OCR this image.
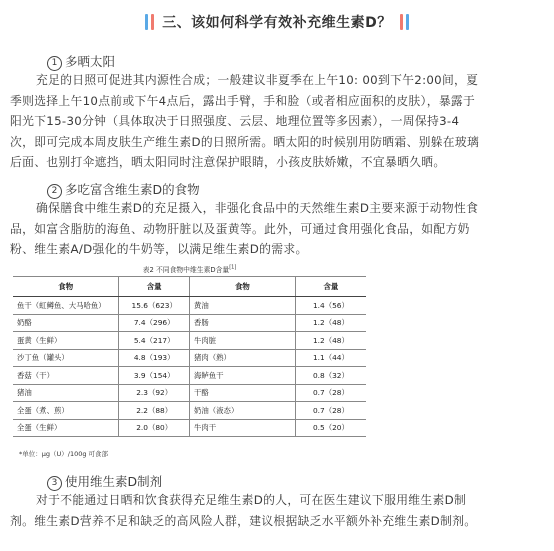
三、该如何科学有效补充维生素D？
1 多晒太阳
充足的日照可促进其内源性合成；一般建议非夏季在上午10: 00到下午2:00间，夏
季则选择上午10点前或下午4点后，露出手臂，手和脸（或者相应面积的皮肤），暴露于
阳光下15-30分钟（具体取决于日照强度、云层、地理位置等多因素），一周保持3-4
次，即可完成本周皮肤生产维生素D的日照所需。晒太阳的时候别用防晒霜、别躲在玻璃
后面、也别打伞遮挡，晒太阳同时注意保护眼睛，小孩皮肤娇嫩，不宜暴晒久晒。
2 多吃富含维生素D的食物
确保膳食中维生素D的充足摄入，非强化食品中的天然维生素D主要来源于动物性食
品，如富含脂肪的海鱼、动物肝脏以及蛋黄等。此外，可通过食用强化食品，如配方奶
粉、维生素A/D强化的牛奶等，以满足维生素D的需求。
表2 不同食物中维生素D含量[1]
食物	含量	食物	含量
鱼干（虹鳟鱼、大马哈鱼）	15.6（623）	黄油	1.4（56）
奶酪	7.4（296）	香肠	1.2（48）
蛋黄（生鲜）	5.4（217）	牛肉脏	1.2（48）
沙丁鱼（罐头）	4.8（193）	猪肉（熟）	1.1（44）
香菇（干）	3.9（154）	海鲈鱼干	0.8（32）
猪油	2.3（92）	干酪	0.7（28）
全蛋（煮、煎）	2.2（88）	奶油（液态）	0.7（28）
全蛋（生鲜）	2.0（80）	牛肉干	0.5（20）
*单位：μg（U）/100g 可食部
3 使用维生素D制剂
对于不能通过日晒和饮食获得充足维生素D的人，可在医生建议下服用维生素D制
剂。维生素D营养不足和缺乏的高风险人群，建议根据缺乏水平额外补充维生素D制剂。
